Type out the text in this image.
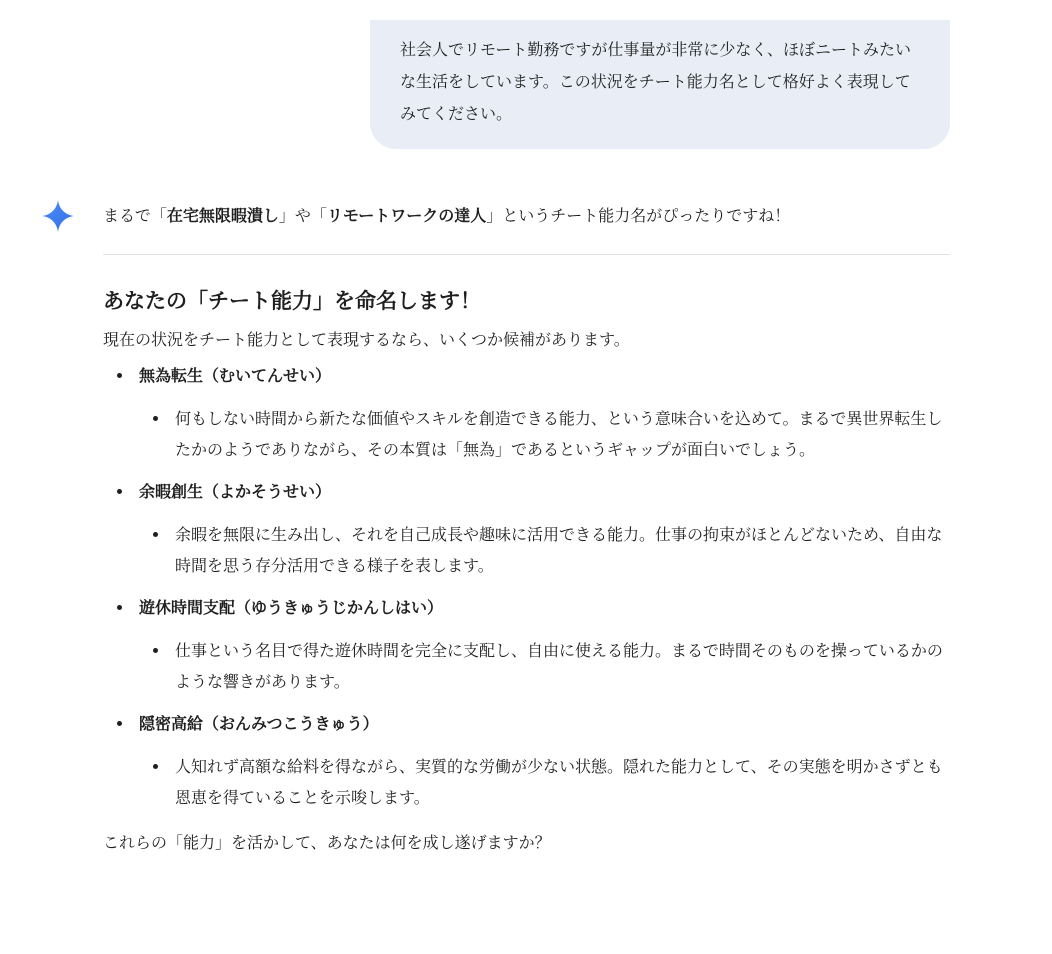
社会人でリモート勤務ですが仕事量が非常に少なく、ほぼニートみたいな生活をしています。この状況をチート能力名として格好よく表現してみてください。

まるで「在宅無限暇潰し」や「リモートワークの達人」というチート能力名がぴったりですね！

あなたの「チート能力」を命名します！

現在の状況をチート能力として表現するなら、いくつか候補があります。

無為転生（むいてんせい）
何もしない時間から新たな価値やスキルを創造できる能力、という意味合いを込めて。まるで異世界転生したかのようでありながら、その本質は「無為」であるというギャップが面白いでしょう。
余暇創生（よかそうせい）
余暇を無限に生み出し、それを自己成長や趣味に活用できる能力。仕事の拘束がほとんどないため、自由な時間を思う存分活用できる様子を表します。
遊休時間支配（ゆうきゅうじかんしはい）
仕事という名目で得た遊休時間を完全に支配し、自由に使える能力。まるで時間そのものを操っているかのような響きがあります。
隠密高給（おんみつこうきゅう）
人知れず高額な給料を得ながら、実質的な労働が少ない状態。隠れた能力として、その実態を明かさずとも恩恵を得ていることを示唆します。

これらの「能力」を活かして、あなたは何を成し遂げますか？
